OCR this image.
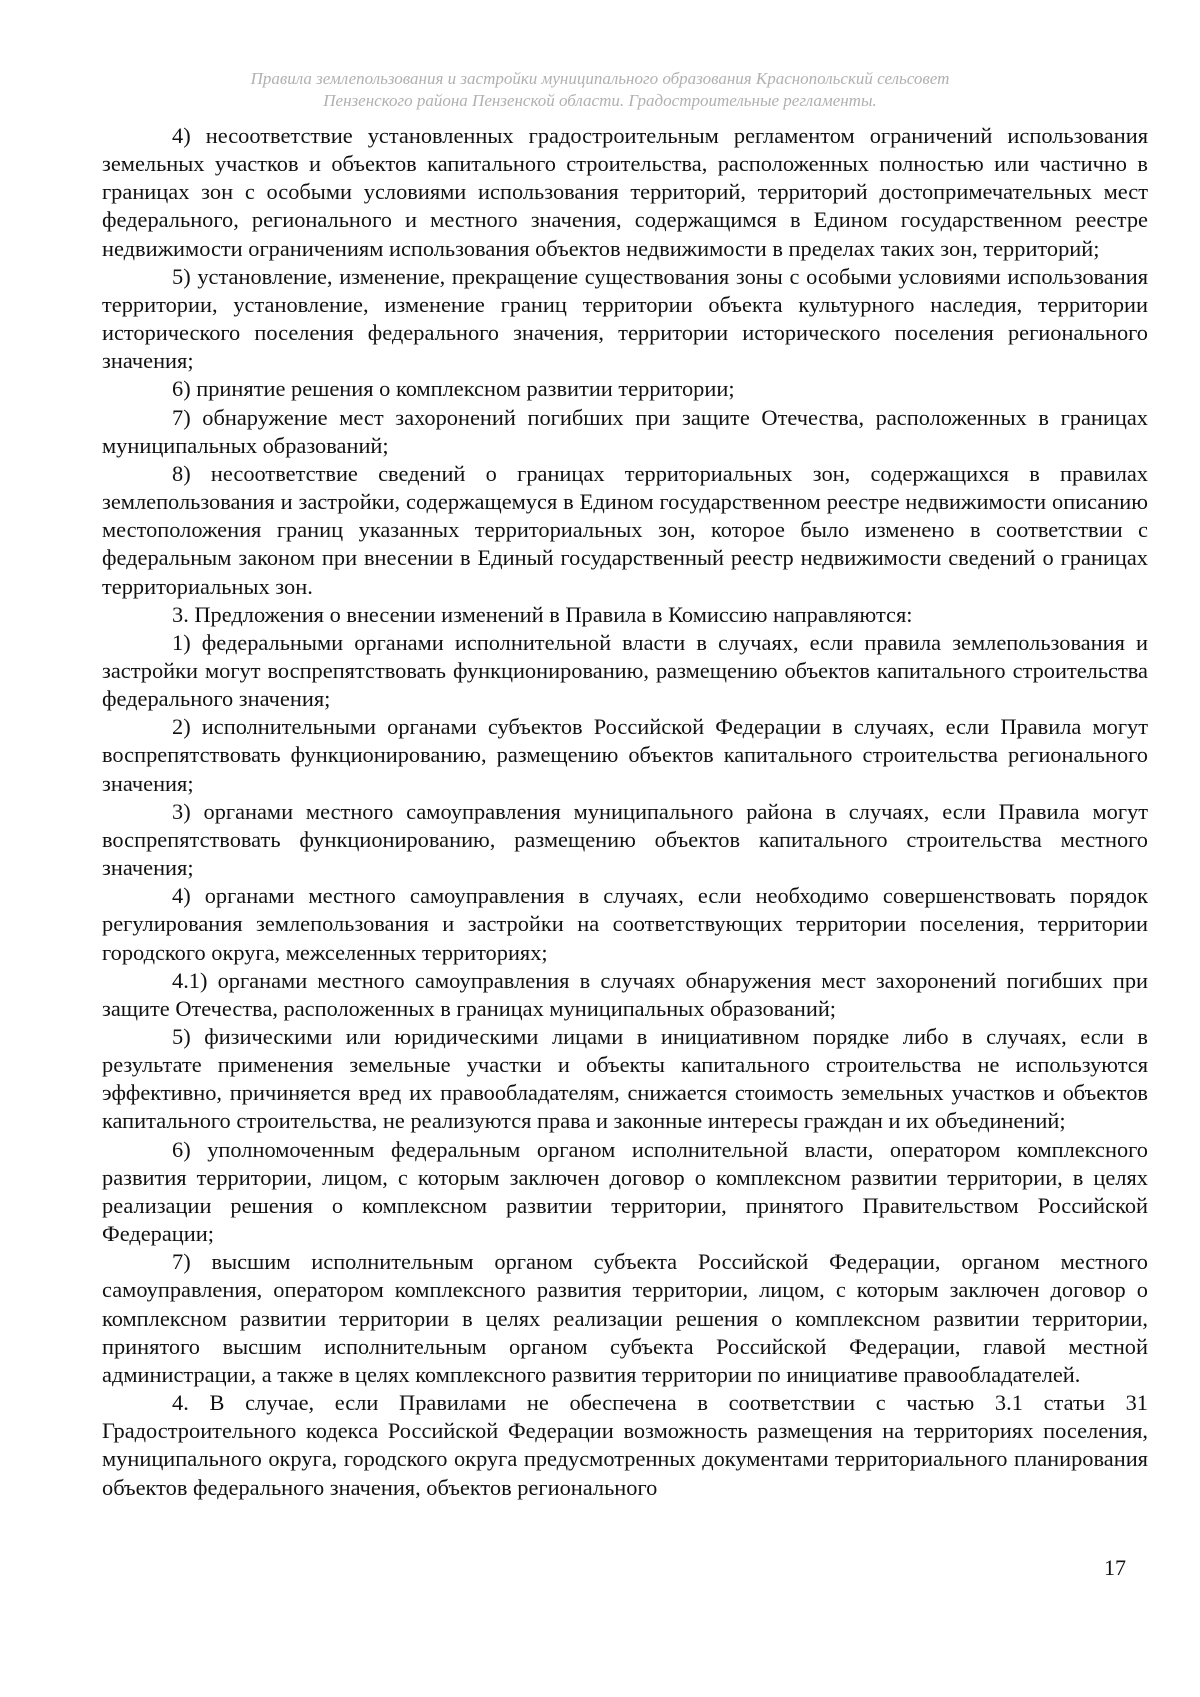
Правила землепользования и застройки муниципального образования Краснопольский сельсовет
Пензенского района Пензенской области. Градостроительные регламенты.

4) несоответствие установленных градостроительным регламентом ограничений использования земельных участков и объектов капитального строительства, расположенных полностью или частично в границах зон с особыми условиями использования территорий, территорий достопримечательных мест федерального, регионального и местного значения, содержащимся в Едином государственном реестре недвижимости ограничениям использования объектов недвижимости в пределах таких зон, территорий;

5) установление, изменение, прекращение существования зоны с особыми условиями использования территории, установление, изменение границ территории объекта культурного наследия, территории исторического поселения федерального значения, территории исторического поселения регионального значения;

6) принятие решения о комплексном развитии территории;

7) обнаружение мест захоронений погибших при защите Отечества, расположенных в границах муниципальных образований;

8) несоответствие сведений о границах территориальных зон, содержащихся в правилах землепользования и застройки, содержащемуся в Едином государственном реестре недвижимости описанию местоположения границ указанных территориальных зон, которое было изменено в соответствии с федеральным законом при внесении в Единый государственный реестр недвижимости сведений о границах территориальных зон.

3. Предложения о внесении изменений в Правила в Комиссию направляются:

1) федеральными органами исполнительной власти в случаях, если правила землепользования и застройки могут воспрепятствовать функционированию, размещению объектов капитального строительства федерального значения;

2) исполнительными органами субъектов Российской Федерации в случаях, если Правила могут воспрепятствовать функционированию, размещению объектов капитального строительства регионального значения;

3) органами местного самоуправления муниципального района в случаях, если Правила могут воспрепятствовать функционированию, размещению объектов капитального строительства местного значения;

4) органами местного самоуправления в случаях, если необходимо совершенствовать порядок регулирования землепользования и застройки на соответствующих территории поселения, территории городского округа, межселенных территориях;

4.1) органами местного самоуправления в случаях обнаружения мест захоронений погибших при защите Отечества, расположенных в границах муниципальных образований;

5) физическими или юридическими лицами в инициативном порядке либо в случаях, если в результате применения земельные участки и объекты капитального строительства не используются эффективно, причиняется вред их правообладателям, снижается стоимость земельных участков и объектов капитального строительства, не реализуются права и законные интересы граждан и их объединений;

6) уполномоченным федеральным органом исполнительной власти, оператором комплексного развития территории, лицом, с которым заключен договор о комплексном развитии территории, в целях реализации решения о комплексном развитии территории, принятого Правительством Российской Федерации;

7) высшим исполнительным органом субъекта Российской Федерации, органом местного самоуправления, оператором комплексного развития территории, лицом, с которым заключен договор о комплексном развитии территории в целях реализации решения о комплексном развитии территории, принятого высшим исполнительным органом субъекта Российской Федерации, главой местной администрации, а также в целях комплексного развития территории по инициативе правообладателей.

4. В случае, если Правилами не обеспечена в соответствии с частью 3.1 статьи 31 Градостроительного кодекса Российской Федерации возможность размещения на территориях поселения, муниципального округа, городского округа предусмотренных документами территориального планирования объектов федерального значения, объектов регионального

17
